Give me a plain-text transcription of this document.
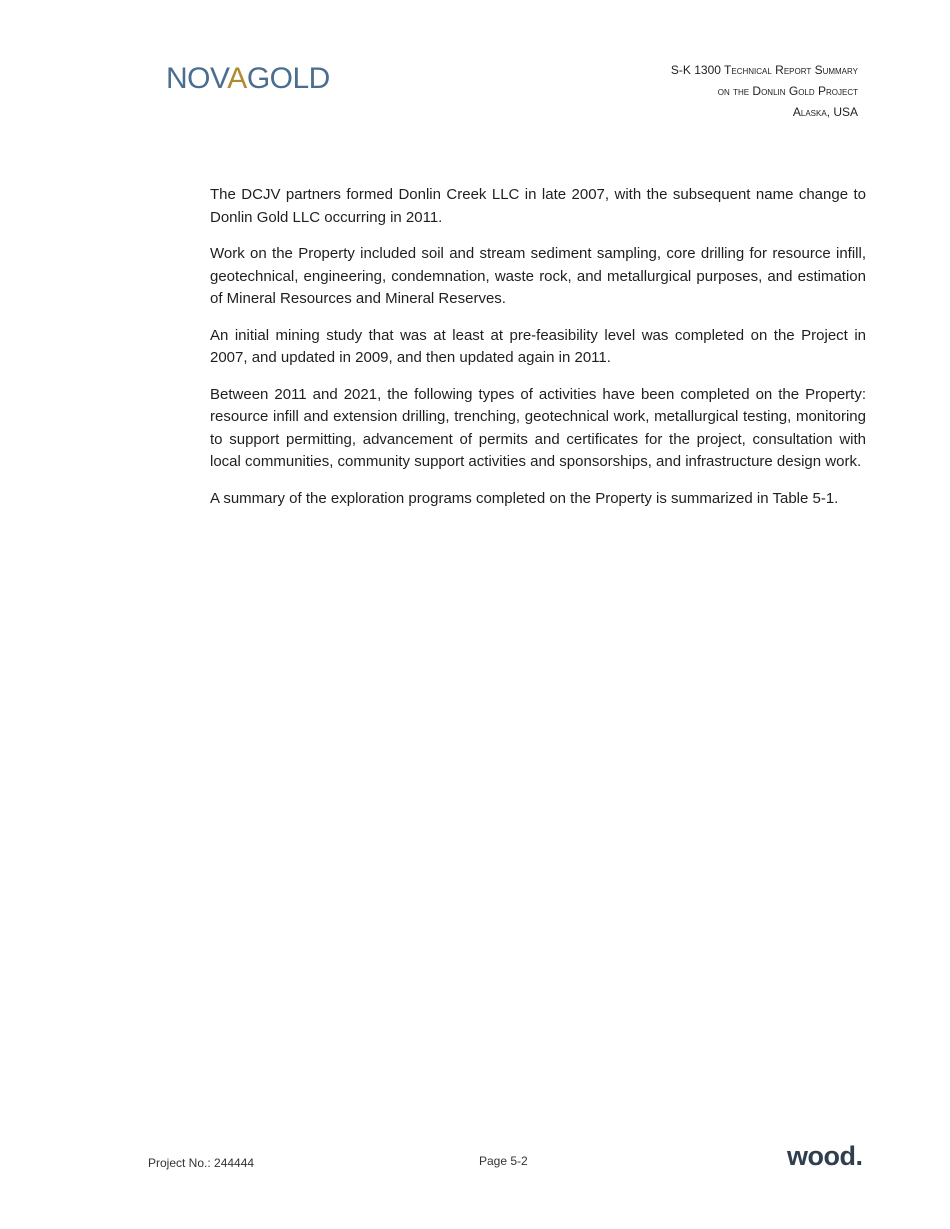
NOVAGOLD	S-K 1300 Technical Report Summary
on the Donlin Gold Project
Alaska, USA

The DCJV partners formed Donlin Creek LLC in late 2007, with the subsequent name change to Donlin Gold LLC occurring in 2011.

Work on the Property included soil and stream sediment sampling, core drilling for resource infill, geotechnical, engineering, condemnation, waste rock, and metallurgical purposes, and estimation of Mineral Resources and Mineral Reserves.

An initial mining study that was at least at pre-feasibility level was completed on the Project in 2007, and updated in 2009, and then updated again in 2011.

Between 2011 and 2021, the following types of activities have been completed on the Property: resource infill and extension drilling, trenching, geotechnical work, metallurgical testing, monitoring to support permitting, advancement of permits and certificates for the project, consultation with local communities, community support activities and sponsorships, and infrastructure design work.

A summary of the exploration programs completed on the Property is summarized in Table 5-1.

Project No.: 244444	Page 5-2	wood.
